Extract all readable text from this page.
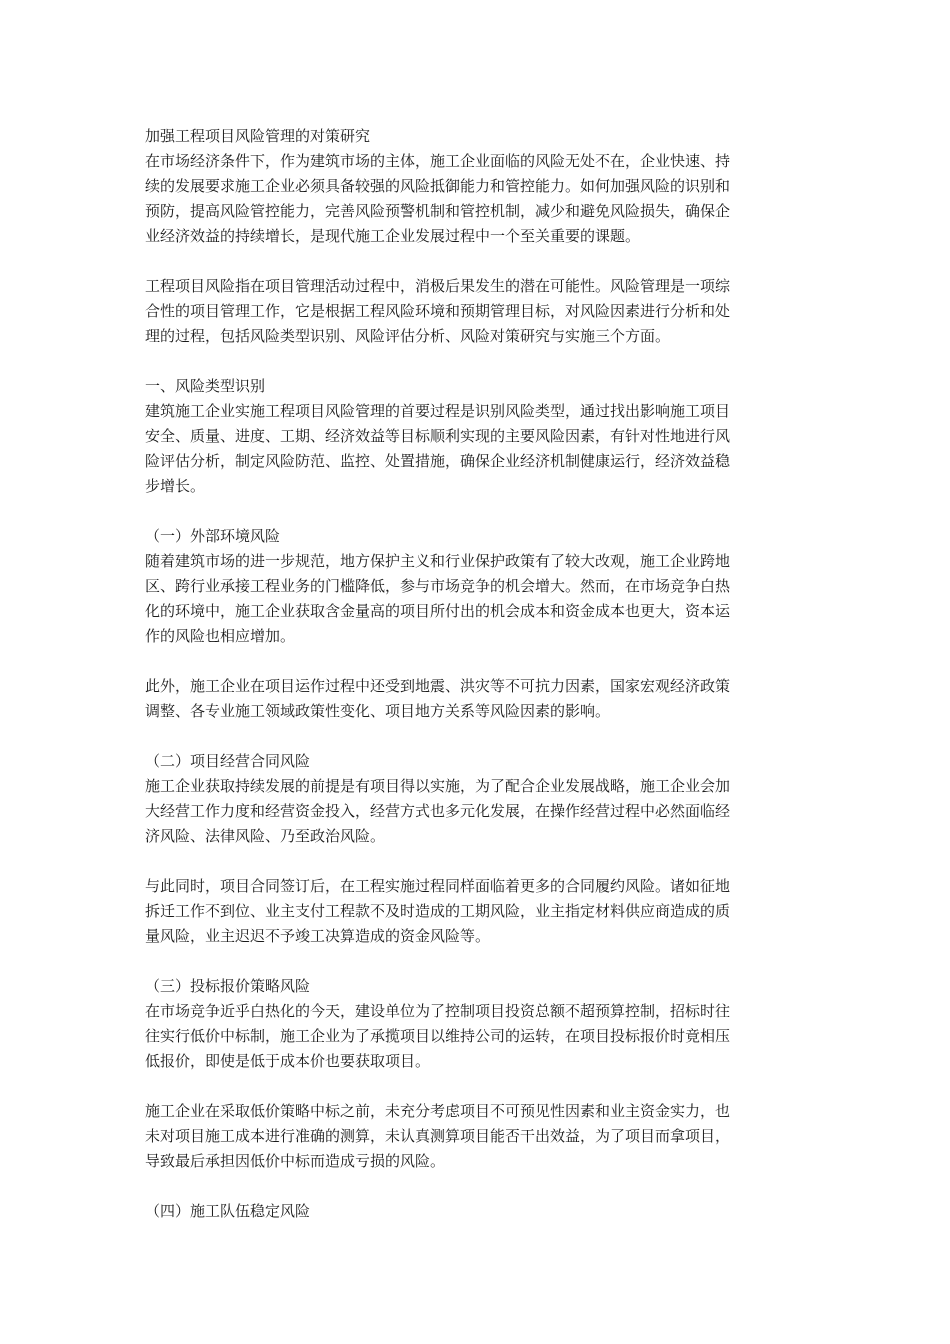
加强工程项目风险管理的对策研究
在市场经济条件下，作为建筑市场的主体，施工企业面临的风险无处不在，企业快速、持
续的发展要求施工企业必须具备较强的风险抵御能力和管控能力。如何加强风险的识别和
预防，提高风险管控能力，完善风险预警机制和管控机制，减少和避免风险损失，确保企
业经济效益的持续增长，是现代施工企业发展过程中一个至关重要的课题。
工程项目风险指在项目管理活动过程中，消极后果发生的潜在可能性。风险管理是一项综
合性的项目管理工作，它是根据工程风险环境和预期管理目标，对风险因素进行分析和处
理的过程，包括风险类型识别、风险评估分析、风险对策研究与实施三个方面。
一、风险类型识别
建筑施工企业实施工程项目风险管理的首要过程是识别风险类型，通过找出影响施工项目
安全、质量、进度、工期、经济效益等目标顺利实现的主要风险因素，有针对性地进行风
险评估分析，制定风险防范、监控、处置措施，确保企业经济机制健康运行，经济效益稳
步增长。
（一）外部环境风险
随着建筑市场的进一步规范，地方保护主义和行业保护政策有了较大改观，施工企业跨地
区、跨行业承接工程业务的门槛降低，参与市场竞争的机会增大。然而，在市场竞争白热
化的环境中，施工企业获取含金量高的项目所付出的机会成本和资金成本也更大，资本运
作的风险也相应增加。
此外，施工企业在项目运作过程中还受到地震、洪灾等不可抗力因素，国家宏观经济政策
调整、各专业施工领域政策性变化、项目地方关系等风险因素的影响。
（二）项目经营合同风险
施工企业获取持续发展的前提是有项目得以实施，为了配合企业发展战略，施工企业会加
大经营工作力度和经营资金投入，经营方式也多元化发展，在操作经营过程中必然面临经
济风险、法律风险、乃至政治风险。
与此同时，项目合同签订后，在工程实施过程同样面临着更多的合同履约风险。诸如征地
拆迁工作不到位、业主支付工程款不及时造成的工期风险，业主指定材料供应商造成的质
量风险，业主迟迟不予竣工决算造成的资金风险等。
（三）投标报价策略风险
在市场竞争近乎白热化的今天，建设单位为了控制项目投资总额不超预算控制，招标时往
往实行低价中标制，施工企业为了承揽项目以维持公司的运转，在项目投标报价时竟相压
低报价，即使是低于成本价也要获取项目。
施工企业在采取低价策略中标之前，未充分考虑项目不可预见性因素和业主资金实力，也
未对项目施工成本进行准确的测算，未认真测算项目能否干出效益，为了项目而拿项目，
导致最后承担因低价中标而造成亏损的风险。
（四）施工队伍稳定风险
